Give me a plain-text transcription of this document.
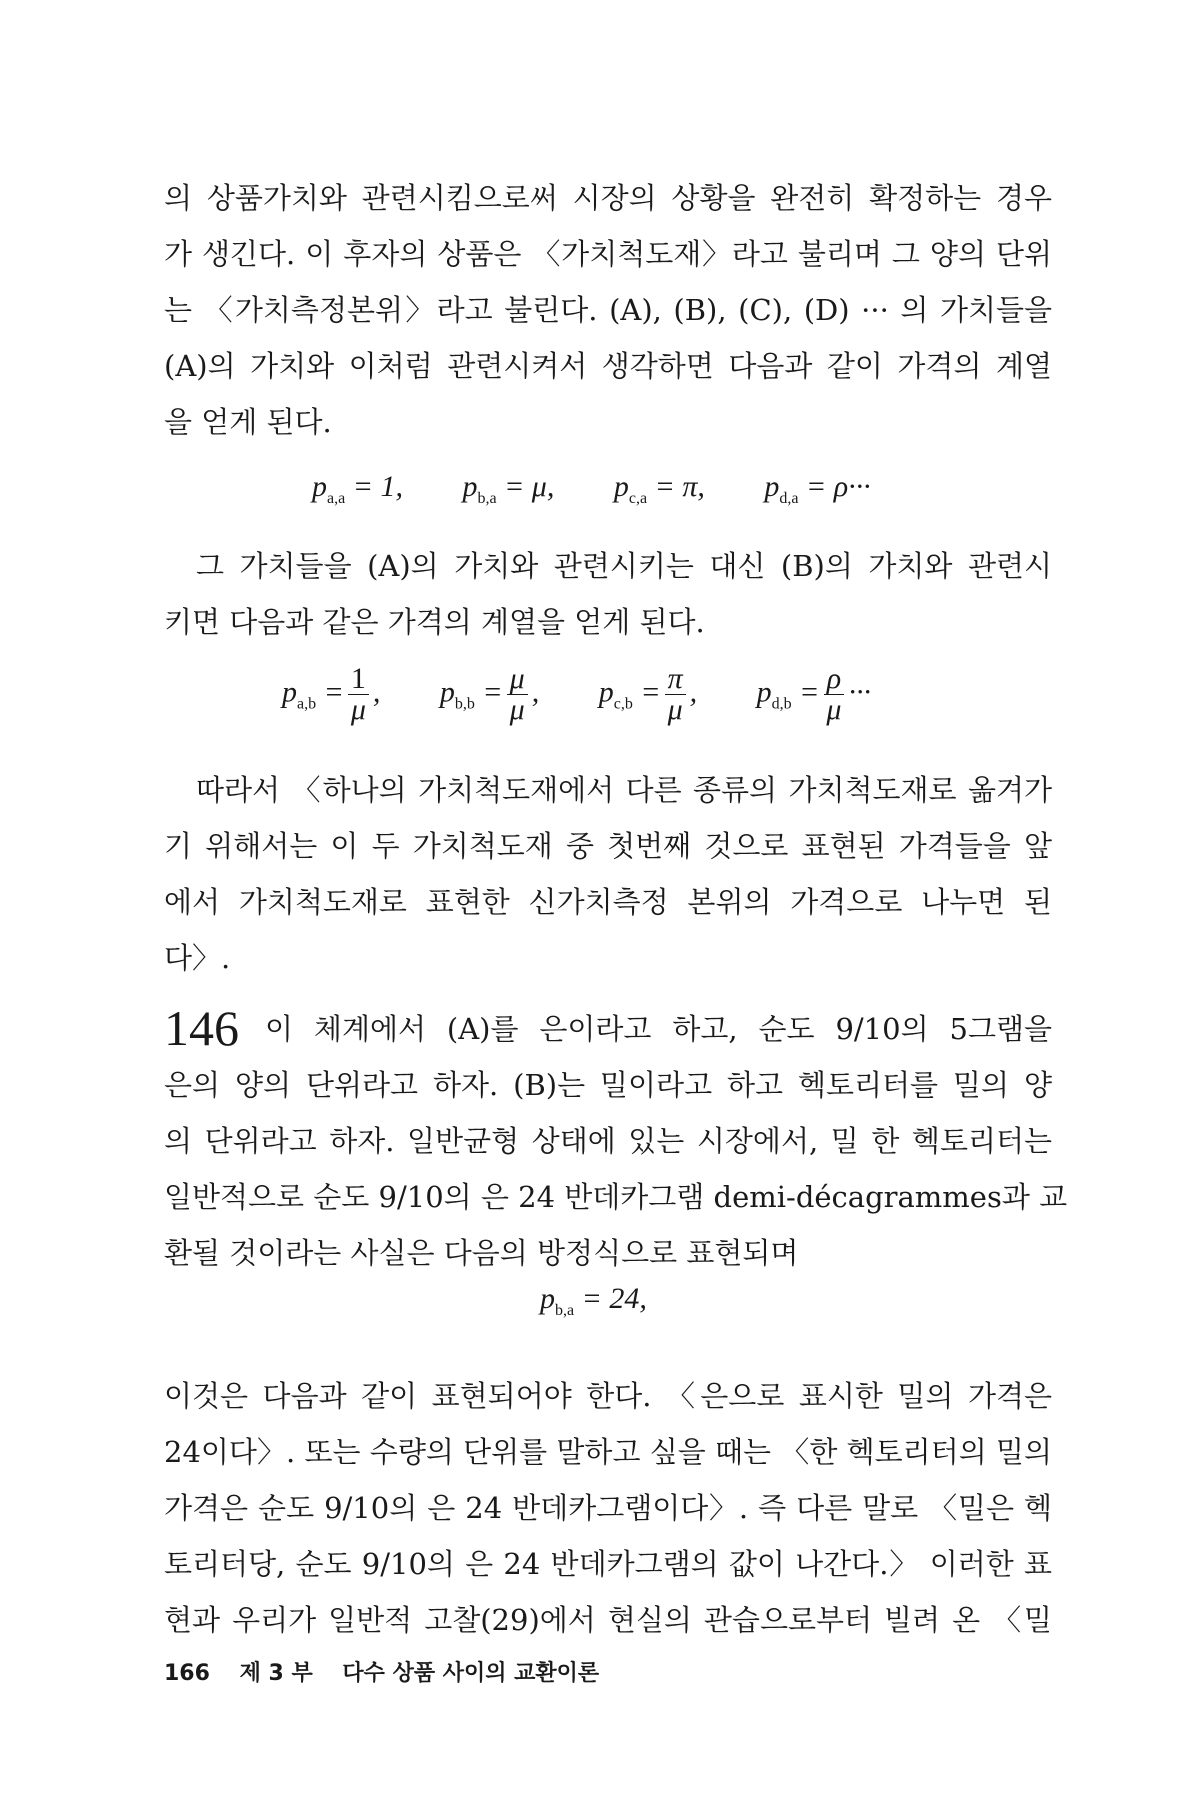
의 상품가치와 관련시킴으로써 시장의 상황을 완전히 확정하는 경우
가 생긴다. 이 후자의 상품은 〈가치척도재〉라고 불리며 그 양의 단위
는 〈가치측정본위〉라고 불린다. (A), (B), (C), (D) ··· 의 가치들을
(A)의 가치와 이처럼 관련시켜서 생각하면 다음과 같이 가격의 계열
을 얻게 된다.
$p_{a,a} = 1$, $p_{b,a} = \mu$, $p_{c,a} = \pi$, $p_{d,a} = \rho\cdot\cdot\cdot$
그 가치들을 (A)의 가치와 관련시키는 대신 (B)의 가치와 관련시
키면 다음과 같은 가격의 계열을 얻게 된다.
$p_{a,b} = \frac{1}{\mu}$ , $p_{b,b} = \frac{\mu}{\mu}$ , $p_{c,b} = \frac{\pi}{\mu}$ , $p_{d,b} = \frac{\rho}{\mu}$ ···
따라서 〈하나의 가치척도재에서 다른 종류의 가치척도재로 옮겨가
기 위해서는 이 두 가치척도재 중 첫번째 것으로 표현된 가격들을 앞
에서 가치척도재로 표현한 신가치측정 본위의 가격으로 나누면 된
다〉.
146 이 체계에서 (A)를 은이라고 하고, 순도 9/10의 5그램을
은의 양의 단위라고 하자. (B)는 밀이라고 하고 헥토리터를 밀의 양
의 단위라고 하자. 일반균형 상태에 있는 시장에서, 밀 한 헥토리터는
일반적으로 순도 9/10의 은 24 반데카그램 demi-décagrammes과 교
환될 것이라는 사실은 다음의 방정식으로 표현되며
$p_{b,a} = 24$,
이것은 다음과 같이 표현되어야 한다. 〈은으로 표시한 밀의 가격은
24이다〉. 또는 수량의 단위를 말하고 싶을 때는 〈한 헥토리터의 밀의
가격은 순도 9/10의 은 24 반데카그램이다〉. 즉 다른 말로 〈밀은 헥
토리터당, 순도 9/10의 은 24 반데카그램의 값이 나간다.〉 이러한 표
현과 우리가 일반적 고찰(29)에서 현실의 관습으로부터 빌려 온 〈밀
166 제 3 부 다수 상품 사이의 교환이론
